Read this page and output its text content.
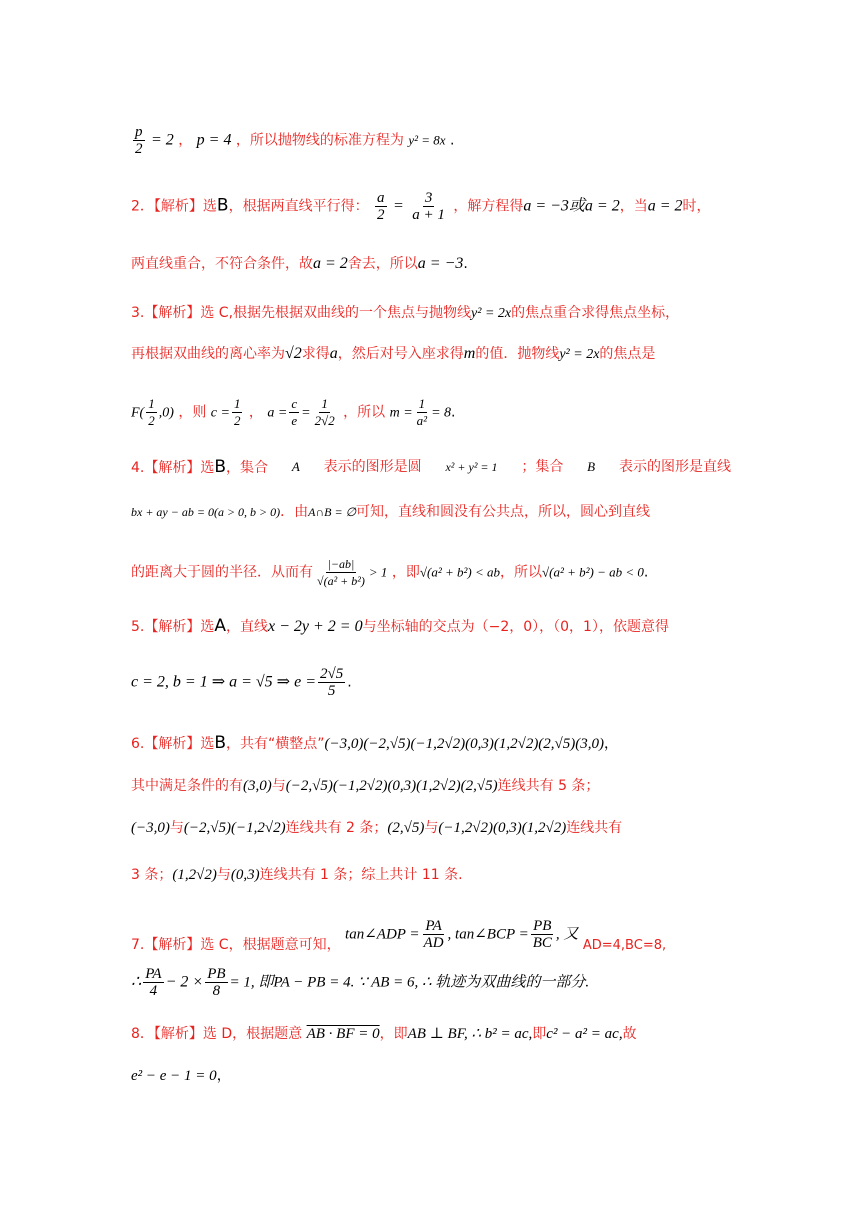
$\frac{p}{2} = 2$ ， p = 4 ，所以抛物线的标准方程为 y² = 8x .
2．【解析】选B，根据两直线平行得： $\frac{a}{2} = \frac{3}{a + 1}$ ，解方程得a = −3或a = 2，当a = 2时，
两直线重合，不符合条件，故a = 2舍去，所以a = −3.
3.【解析】选 C,根据先根据双曲线的一个焦点与抛物线y² = 2x的焦点重合求得焦点坐标，
再根据双曲线的离心率为√2求得a，然后对号入座求得m的值．抛物线y² = 2x的焦点是
$F( \frac{1}{2} ,0)$ ，则 $c = \frac{1}{2}$ ， $a = \frac{c}{e} = \frac{1}{2√2}$ ，所以 $m = \frac{1}{\text{a²}} = 8$.
4.【解析】选B，集合 A 表示的图形是圆 x² + y² = 1 ；集合 B 表示的图形是直线
bx + ay − ab = 0(a > 0, b > 0)．由A∩B = ∅可知，直线和圆没有公共点，所以，圆心到直线
的距离大于圆的半径．从而有 $\frac{|-ab|}{\text{√(a² + b²)}} > 1$ ，即√(a² + b²) < ab，所以√(a² + b²) − ab < 0.
5.【解析】选A，直线x − 2y + 2 = 0与坐标轴的交点为（−2，0），（0，1），依题意得
c = 2, b = 1 ⇒ a = √5 ⇒ $e = \frac{2√5}{5}$ .
6.【解析】选B，共有“横整点”(−3,0)(−2,√5)(−1,2√2)(0,3)(1,2√2)(2,√5)(3,0)，
其中满足条件的有(3,0)与(−2,√5)(−1,2√2)(0,3)(1,2√2)(2,√5)连线共有 5 条；
(−3,0)与(−2,√5)(−1,2√2)连线共有 2 条；(2,√5)与(−1,2√2)(0,3)(1,2√2)连线共有
3 条；(1,2√2)与(0,3)连线共有 1 条；综上共计 11 条.
7.【解析】选 C，根据题意可知， tan∠ADP = $\frac{PA}{AD}$ , tan∠BCP = $\frac{PB}{BC}$ , 又 AD=4,BC=8,
∴ $\frac{PA}{4} - 2 \times \frac{PB}{8} = 1$, 即PA − PB = 4. ∵ AB = 6, ∴ 轨迹为双曲线的一部分.
8．【解析】选 D，根据题意 AB · BF = 0，即AB ⊥ BF, ∴ b² = ac,即c² − a² = ac,故
e² − e − 1 = 0，
